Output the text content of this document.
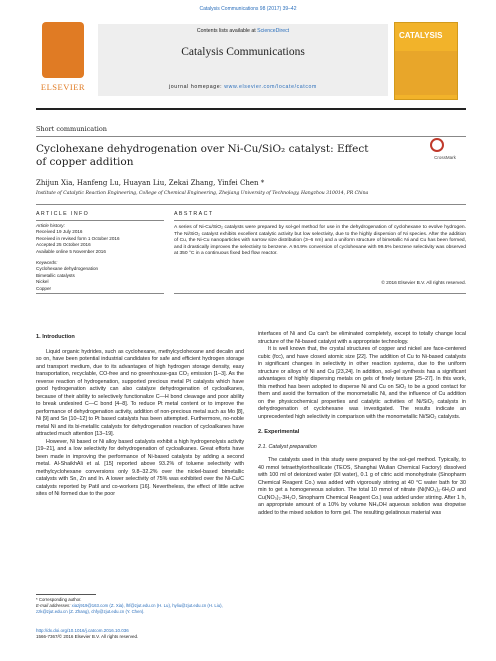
Catalysis Communications 98 (2017) 39–42
ELSEVIER
Contents lists available at ScienceDirect
Catalysis Communications
journal homepage: www.elsevier.com/locate/catcom
CATALYSIS
Short communication
Cyclohexane dehydrogenation over Ni-Cu/SiO₂ catalyst: Effect of copper addition	CrossMark
Zhijun Xia, Hanfeng Lu, Huayan Liu, Zekai Zhang, Yinfei Chen *
Institute of Catalytic Reaction Engineering, College of Chemical Engineering, Zhejiang University of Technology, Hangzhou 310014, PR China
ARTICLE INFO	ABSTRACT
Article history:
Received 19 July 2016
Received in revised form 1 October 2016
Accepted 25 October 2016
Available online 5 November 2016
Keywords:
Cyclohexane dehydrogenation
Bimetallic catalysts
Nickel
Copper
A series of Ni-Cu/SiO₂ catalysts were prepared by sol-gel method for use in the dehydrogenation of cyclohexane to evolve hydrogen. The Ni/SiO₂ catalyst exhibits excellent catalytic activity but low selectivity, due to the highly dispersion of Ni species. After the addition of Cu, the Ni-Cu nanoparticles with narrow size distribution (3–6 nm) and a uniform structure of bimetallic Ni and Cu has been formed, and it drastically improves the selectivity to benzene. A 94.9% conversion of cyclohexane with 99.5% benzene selectivity was observed at 350 °C in a continuous fixed bed flow reactor.
© 2016 Elsevier B.V. All rights reserved.
1. Introduction

Liquid organic hydrides, such as cyclohexane, methylcyclohexane and decalin and so on, have been potential industrial candidates for safe and efficient hydrogen storage and transport medium, due to its advantages of high hydrogen storage density, easy transportation, recyclable, CO-free and no greenhouse-gas CO₂ emission [1–3]. As the reverse reaction of hydrogenation, supported precious metal Pt catalysts which have good hydrogenation activity can also catalyze dehydrogenation of cycloalkanes, because of their ability to selectively functionalize C—H bond cleavage and poor ability to break undesired C—C bond [4–8]. To reduce Pt metal content or to improve the performance of dehydrogenation activity, addition of non-precious metal such as Mo [8], Ni [9] and Sn [10–12] to Pt based catalysts has been attempted. Furthermore, no-noble metal Ni and its bi-metallic catalysts for dehydrogenation reaction of cycloalkanes have attracted much attention [13–19].

However, Ni based or Ni alloy based catalysts exhibit a high hydrogenolysis activity [19–21], and a low selectivity for dehydrogenation of cycloalkanes. Great efforts have been made in improving the performance of Ni-based catalysts by adding a second metal. Al-ShaikhAli et al. [15] reported above 93.2% of toluene selectivity with methylcyclohexane conversions only 9.8–32.2% over the nickel-based bimetallic catalysts with Sn, Zn and In. A lower selectivity of 75% was exhibited over the Ni-Cu/C catalysts reported by Patil and co-workers [16]. Nevertheless, the effect of little active sites of Ni formed due to the poor

interfaces of Ni and Cu can't be eliminated completely, except to totally change local structure of the Ni-based catalyst with a appropriate technology.

It is well known that, the crystal structures of copper and nickel are face-centered cubic (fcc), and have closed atomic size [22]. The addition of Cu to Ni-based catalysts in significant changes in selectivity in other reaction systems, due to the uniform structure or alloys of Ni and Cu [23,24]. In addition, sol-gel synthesis has a significant advantages of highly dispersing metals on gels of finely texture [25–27]. In this work, this method has been adopted to disperse Ni and Cu on SiO₂ to be a good contact for them and avoid the formation of the monometallic Ni, and the influence of Cu addition on the physicochemical properties and catalytic activities of Ni/SiO₂ catalysts in dehydrogenation of cyclohexane was investigated. The results indicate an unprecedented high selectivity in comparison with the monometallic Ni/SiO₂ catalysts.

2. Experimental
2.1. Catalyst preparation

The catalysts used in this study were prepared by the sol-gel method. Typically, to 40 mmol tetraethylorthosilicate (TEOS, Shanghai Wulian Chemical Factory) dissolved with 100 ml of deionized water (DI water), 0.1 g of citric acid monohydrate (Sinopharm Chemical Reagent Co.) was added with vigorously stirring at 40 °C water bath for 30 min to get a homogeneous solution. The total 10 mmol of nitrate (Ni(NO₃)₂·6H₂O and Cu(NO₃)₂·3H₂O, Sinopharm Chemical Reagent Co.) was added under stirring. After 1 h, an appropriate amount of a 10% by volume NH₄OH aqueous solution was dropwise added to the mixed solution to form gel. The resulting gelatinous material was

* Corresponding author.
E-mail addresses: xiazj919@163.com (Z. Xia), lhf@zjut.edu.cn (H. Lu), hyliu@zjut.edu.cn (H. Liu), zzk@zjut.edu.cn (Z. Zhang), chfy@zjut.edu.cn (Y. Chen).
http://dx.doi.org/10.1016/j.catcom.2016.10.036
1566-7367/© 2016 Elsevier B.V. All rights reserved.
